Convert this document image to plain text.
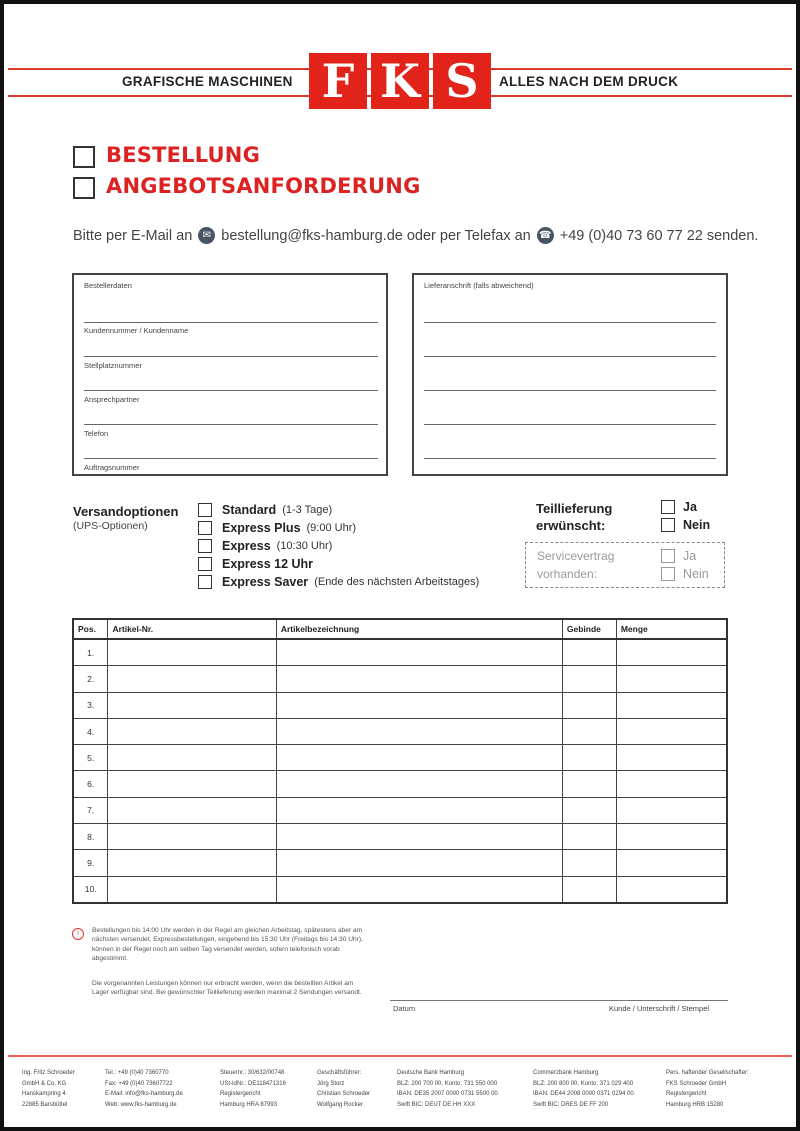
GRAFISCHE MASCHINEN F K S	ALLES NACH DEM DRUCK
BESTELLUNG
ANGEBOTSANFORDERUNG
Bitte per E-Mail an	✉ bestellung@fks-hamburg.de oder per Telefax an ☎ +49 (0)40 73 60 77 22 senden.
Bestellerdaten
Kundennummer / Kundenname
Stellplatznummer
Ansprechpartner
Telefon
Auftragsnummer
Lieferanschrift (falls abweichend)
Versandoptionen
(UPS-Optionen)
Standard (1-3 Tage)
Express Plus (9:00 Uhr)
Express (10:30 Uhr)
Express 12 Uhr
Express Saver (Ende des nächsten Arbeitstages)
Teillieferung
erwünscht:
Ja
Nein
Servicevertrag
vorhanden:
Ja
Nein
Pos.	Artikel-Nr.	Artikelbezeichnung	Gebinde	Menge
1.				
2.				
3.				
4.				
5.				
6.				
7.				
8.				
9.				
10.				
i	Bestellungen bis 14:00 Uhr werden in der Regel am gleichen Arbeitstag, spätestens aber am nächsten versendet. Expressbestellungen, eingehend bis 15:30 Uhr (Freitags bis 14:30 Uhr), können in der Regel noch am selben Tag versendet werden, sofern telefonisch vorab abgestimmt.
Die vorgenannten Leistungen können nur erbracht werden, wenn die bestellten Artikel am Lager verfügbar sind. Bei gewünschter Teillieferung werden maximal 2 Sendungen versandt.
Datum	Kunde / Unterschrift / Stempel
Ing. Fritz Schroeder
GmbH & Co. KG
Hanskampring 4
22885 Barsbüttel
Tel.: +49 (0)40 7360770
Fax: +49 (0)40 73607722
E-Mail: info@fks-hamburg.de
Web: www.fks-hamburg.de
Steuernr.: 30/632/00748
USt-IdNr.: DE118471316
Registergericht
Hamburg HRA 87993
Geschäftsführer:
Jörg Storz
Christian Schroeder
Wolfgang Rocker
Deutsche Bank Hamburg
BLZ: 200 700 00, Konto: 731 550 000
IBAN: DE35 2007 0000 0731 5500 00
Swift BIC: DEUT DE HH XXX
Commerzbank Hamburg
BLZ: 200 800 00, Konto: 371 029 400
IBAN: DE44 2008 0000 0371 0294 00
Swift BIC: DRES DE FF 200
Pers. haftender Gesellschafter:
FKS Schroeder GmbH
Registergericht
Hamburg HRB 15280
